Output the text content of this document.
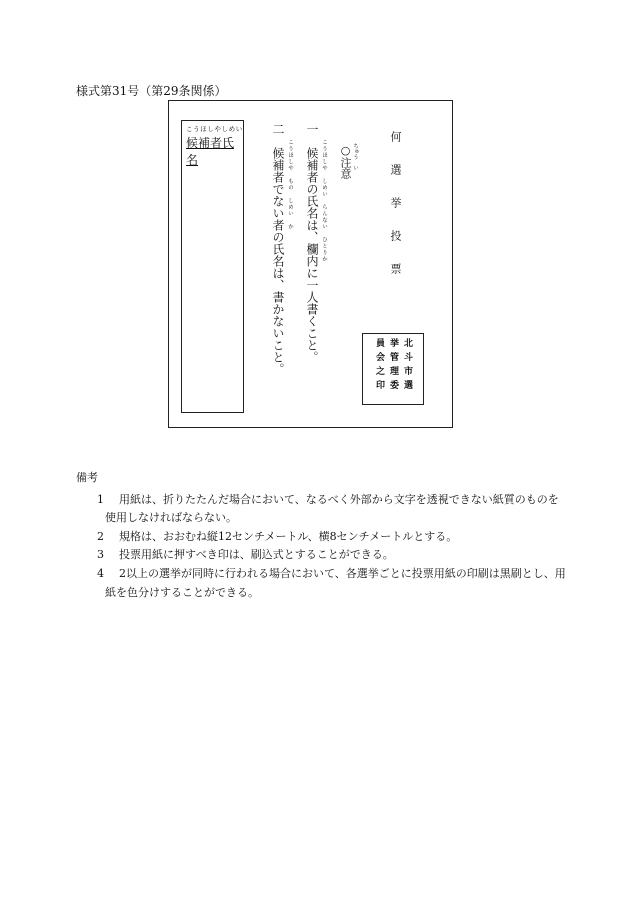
様式第31号（第29条関係）
こうほしやしめい
候補者氏名	こうほしや　もの　しめい　か
二　候補者でない者の氏名は、書かないこと。	こうほしや　しめい　らんない　ひとりか
一　候補者の氏名は、欄内に一人書くこと。	ちゅう　い
○注意	何選挙投票
北斗市選挙管理委員会之印
備考
1 用紙は、折りたたんだ場合において、なるべく外部から文字を透視できない紙質のものを使用しなければならない。
2 規格は、おおむね縦12センチメートル、横8センチメートルとする。
3 投票用紙に押すべき印は、刷込式とすることができる。
4 2以上の選挙が同時に行われる場合において、各選挙ごとに投票用紙の印刷は黒刷とし、用紙を色分けすることができる。
